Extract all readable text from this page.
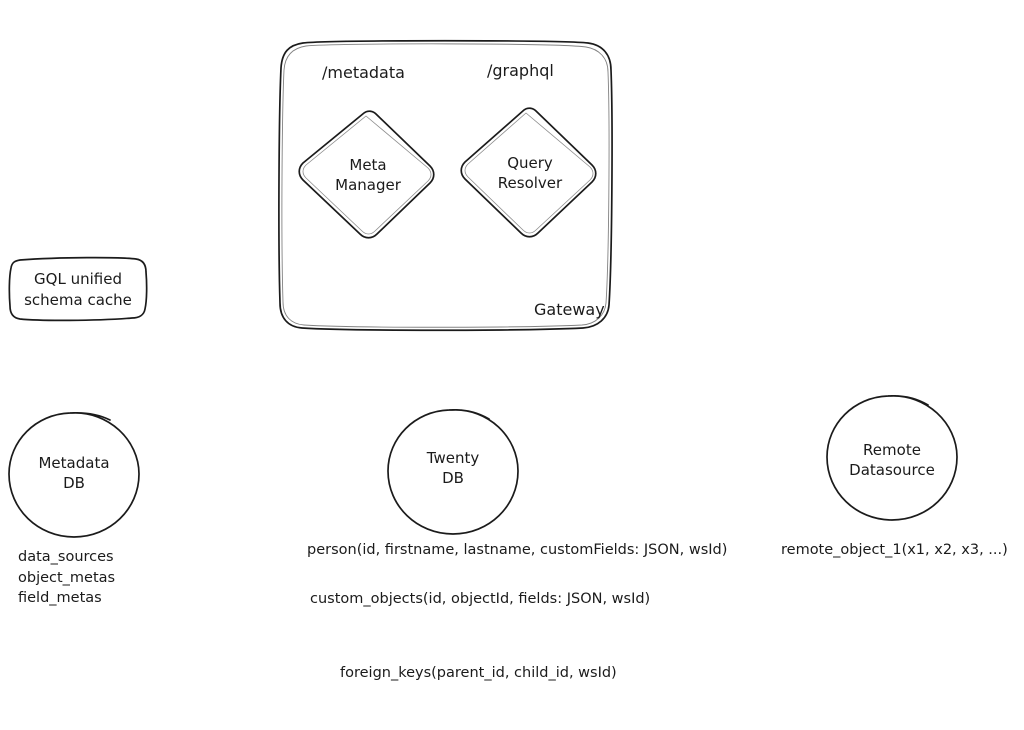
/metadata	/graphql
Meta
Manager
Query
Resolver
Gateway
GQL unified
schema cache
Metadata
DB
Twenty
DB
Remote
Datasource
data_sources
object_metas
field_metas
person(id, firstname, lastname, customFields: JSON, wsId)
custom_objects(id, objectId, fields: JSON, wsId)
foreign_keys(parent_id, child_id, wsId)
remote_object_1(x1, x2, x3, ...)
